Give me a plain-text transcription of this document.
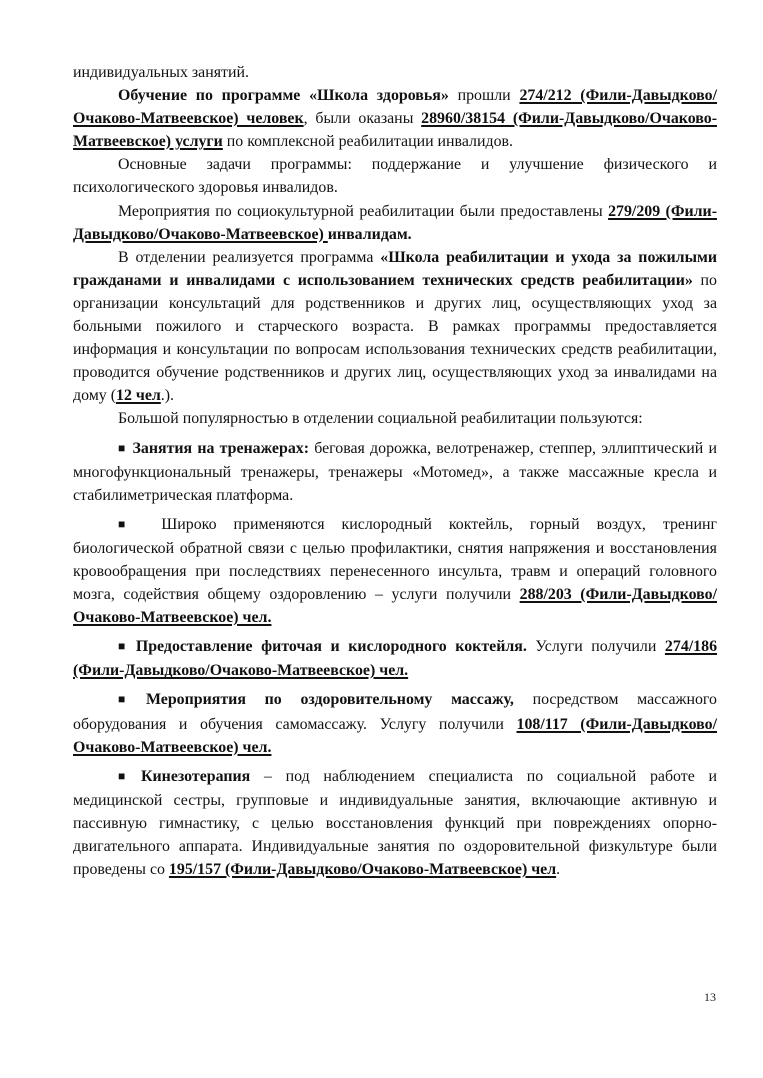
индивидуальных занятий.

Обучение по программе «Школа здоровья» прошли 274/212 (Фили-Давыдково/Очаково-Матвеевское) человек, были оказаны 28960/38154 (Фили-Давыдково/Очаково-Матвеевское) услуги по комплексной реабилитации инвалидов.

Основные задачи программы: поддержание и улучшение физического и психологического здоровья инвалидов.

Мероприятия по социокультурной реабилитации были предоставлены 279/209 (Фили-Давыдково/Очаково-Матвеевское) инвалидам.

В отделении реализуется программа «Школа реабилитации и ухода за пожилыми гражданами и инвалидами с использованием технических средств реабилитации» по организации консультаций для родственников и других лиц, осуществляющих уход за больными пожилого и старческого возраста. В рамках программы предоставляется информация и консультации по вопросам использования технических средств реабилитации, проводится обучение родственников и других лиц, осуществляющих уход за инвалидами на дому (12 чел.).

Большой популярностью в отделении социальной реабилитации пользуются:

■ Занятия на тренажерах: беговая дорожка, велотренажер, степпер, эллиптический и многофункциональный тренажеры, тренажеры «Мотомед», а также массажные кресла и стабилиметрическая платформа.

■ Широко применяются кислородный коктейль, горный воздух, тренинг биологической обратной связи с целью профилактики, снятия напряжения и восстановления кровообращения при последствиях перенесенного инсульта, травм и операций головного мозга, содействия общему оздоровлению – услуги получили 288/203 (Фили-Давыдково/Очаково-Матвеевское) чел.

■ Предоставление фиточая и кислородного коктейля. Услуги получили 274/186 (Фили-Давыдково/Очаково-Матвеевское) чел.

■ Мероприятия по оздоровительному массажу, посредством массажного оборудования и обучения самомассажу. Услугу получили 108/117 (Фили-Давыдково/Очаково-Матвеевское) чел.

■ Кинезотерапия – под наблюдением специалиста по социальной работе и медицинской сестры, групповые и индивидуальные занятия, включающие активную и пассивную гимнастику, с целью восстановления функций при повреждениях опорно-двигательного аппарата. Индивидуальные занятия по оздоровительной физкультуре были проведены со 195/157 (Фили-Давыдково/Очаково-Матвеевское) чел.

13
